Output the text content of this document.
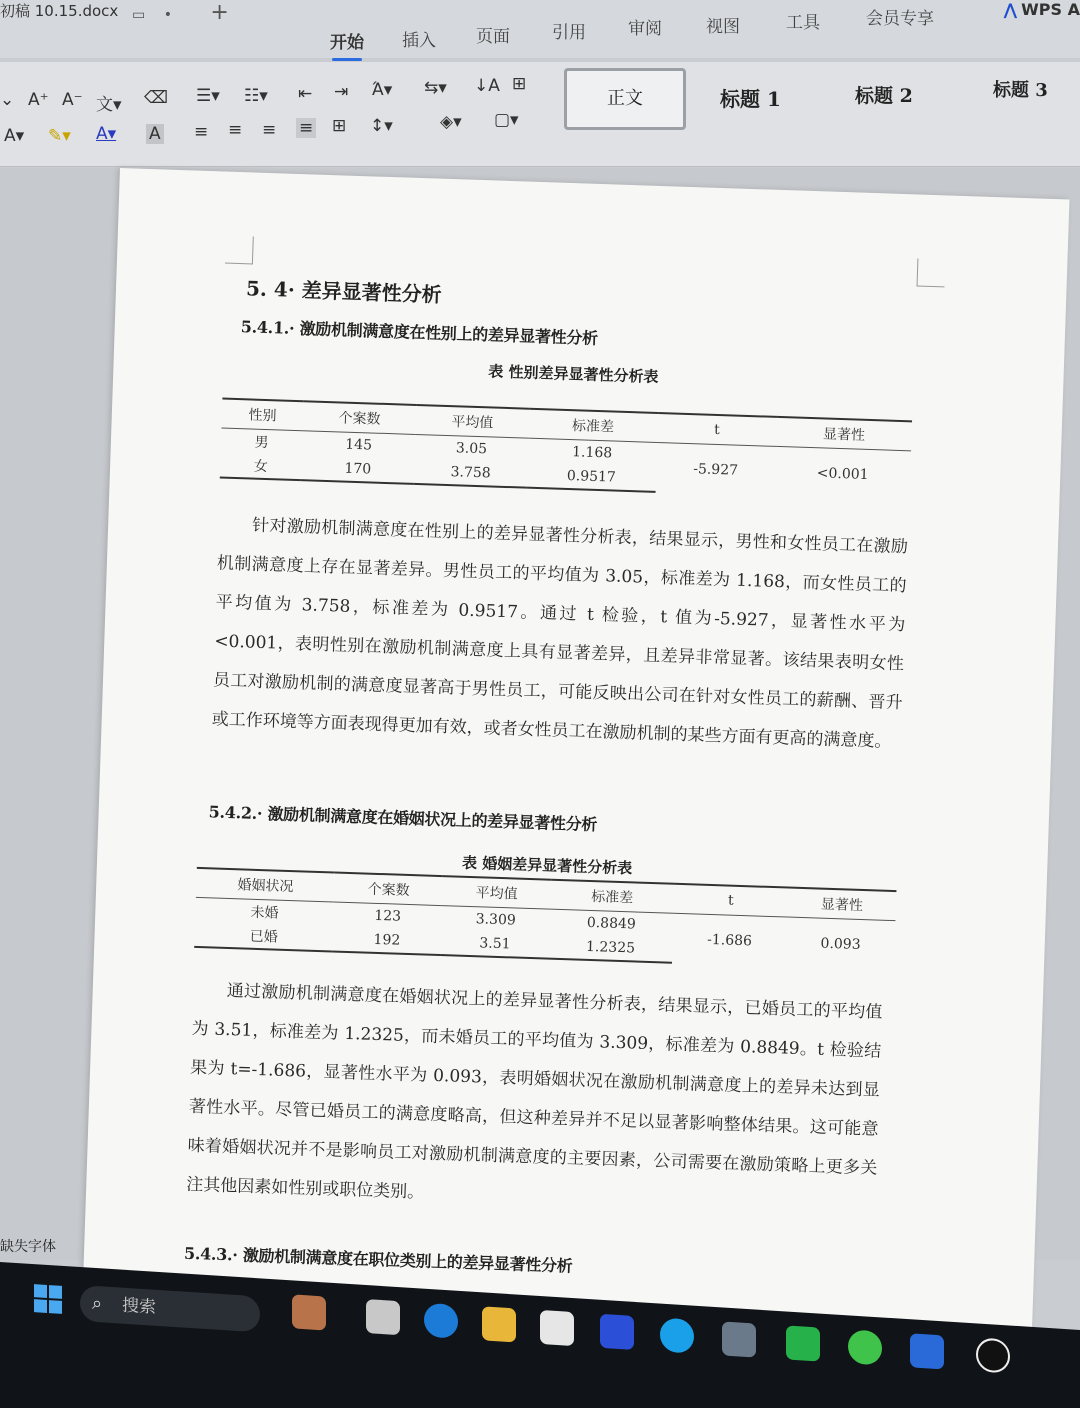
初稿 10.15.docx ▭ • +
开始 插入 页面 引用 审阅	视图	工具	会员专享	⋀ WPS A
⌄ A⁺ A⁻ 文▾ ⌫
A▾ ✎▾ A▾ A
☰▾ ☷▾ ⇤ ⇥ Ά▾ ⇆▾ ↓A ⊞
≡ ≡ ≡ ≡ ⊞ ↕▾	◈▾ ▢▾
正文	标题 1	标题 2	标题 3
5. 4· 差异显著性分析
5.4.1.· 激励机制满意度在性别上的差异显著性分析
表 性别差异显著性分析表
性别	个案数	平均值	标准差	t	显著性
男	145	3.05	1.168	-5.927	<0.001
女	170	3.758	0.9517		
针对激励机制满意度在性别上的差异显著性分析表，结果显示，男性和女性员工在激励机制满意度上存在显著差异。男性员工的平均值为 3.05，标准差为 1.168，而女性员工的平均值为 3.758，标准差为 0.9517。通过 t 检验，t 值为-5.927，显著性水平为<0.001，表明性别在激励机制满意度上具有显著差异，且差异非常显著。该结果表明女性员工对激励机制的满意度显著高于男性员工，可能反映出公司在针对女性员工的薪酬、晋升或工作环境等方面表现得更加有效，或者女性员工在激励机制的某些方面有更高的满意度。
5.4.2.· 激励机制满意度在婚姻状况上的差异显著性分析
表 婚姻差异显著性分析表
婚姻状况	个案数	平均值	标准差	t	显著性
未婚	123	3.309	0.8849	-1.686	0.093
已婚	192	3.51	1.2325		
通过激励机制满意度在婚姻状况上的差异显著性分析表，结果显示，已婚员工的平均值为 3.51，标准差为 1.2325，而未婚员工的平均值为 3.309，标准差为 0.8849。t 检验结果为 t=-1.686，显著性水平为 0.093，表明婚姻状况在激励机制满意度上的差异未达到显著性水平。尽管已婚员工的满意度略高，但这种差异并不足以显著影响整体结果。这可能意味着婚姻状况并不是影响员工对激励机制满意度的主要因素，公司需要在激励策略上更多关注其他因素如性别或职位类别。
5.4.3.· 激励机制满意度在职位类别上的差异显著性分析
缺失字体
⌕ 搜索
